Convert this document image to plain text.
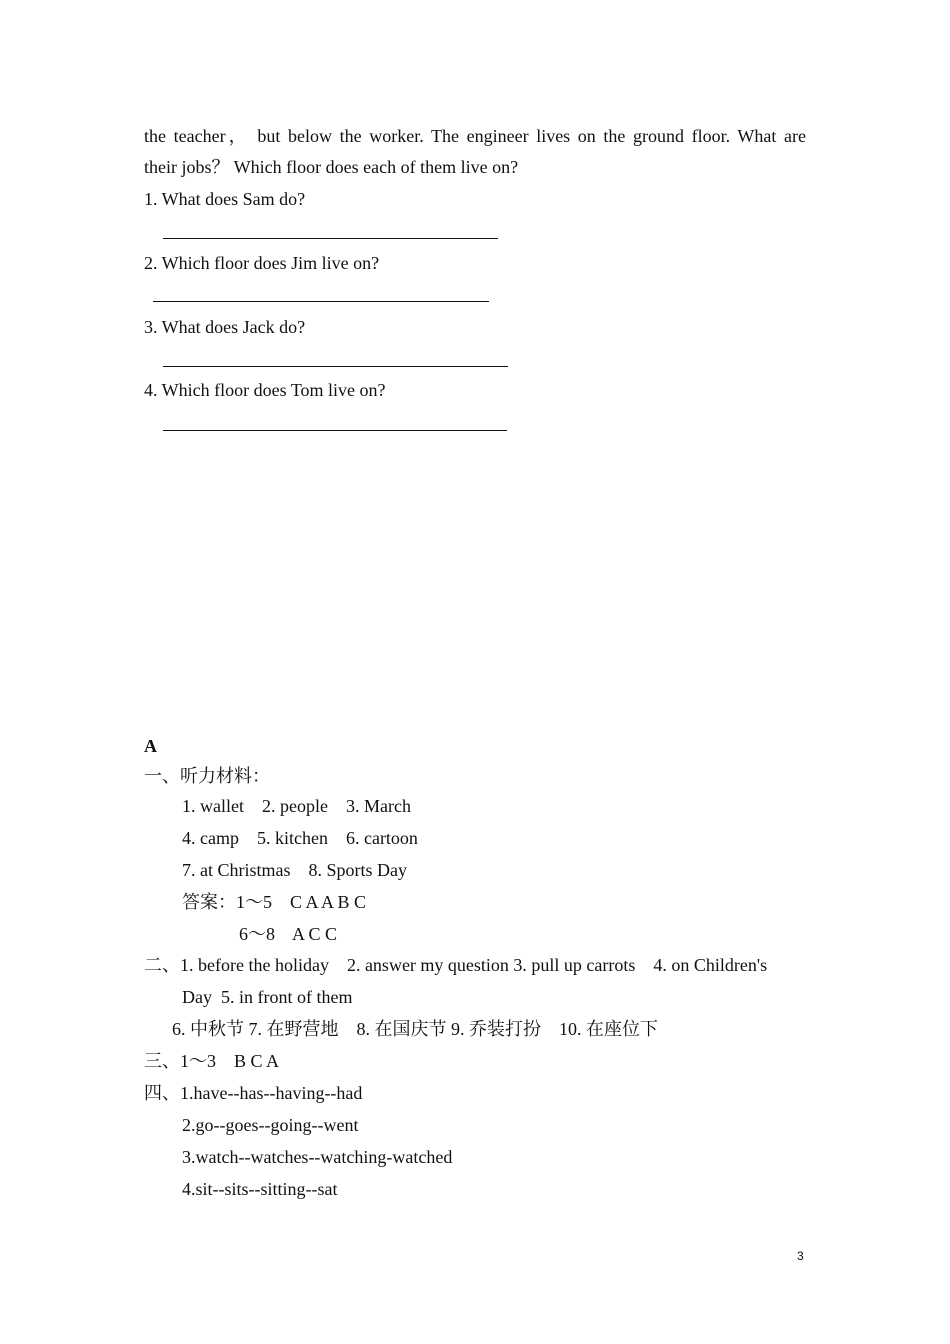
the teacher， but below the worker. The engineer lives on the ground floor. What are
their jobs？ Which floor does each of them live on?
1. What does Sam do?
2. Which floor does Jim live on?
3. What does Jack do?
4. Which floor does Tom live on?
A
一、听力材料：
1. wallet    2. people    3. March
4. camp    5. kitchen    6. cartoon
7. at Christmas    8. Sports Day
答案：1～5    C A A B C
6～8    A C C
二、1. before the holiday    2. answer my question 3. pull up carrots    4. on Children's
Day  5. in front of them
6. 中秋节 7. 在野营地    8. 在国庆节 9. 乔装打扮    10. 在座位下
三、1～3    B C A
四、1.have--has--having--had
2.go--goes--going--went
3.watch--watches--watching-watched
4.sit--sits--sitting--sat
3
